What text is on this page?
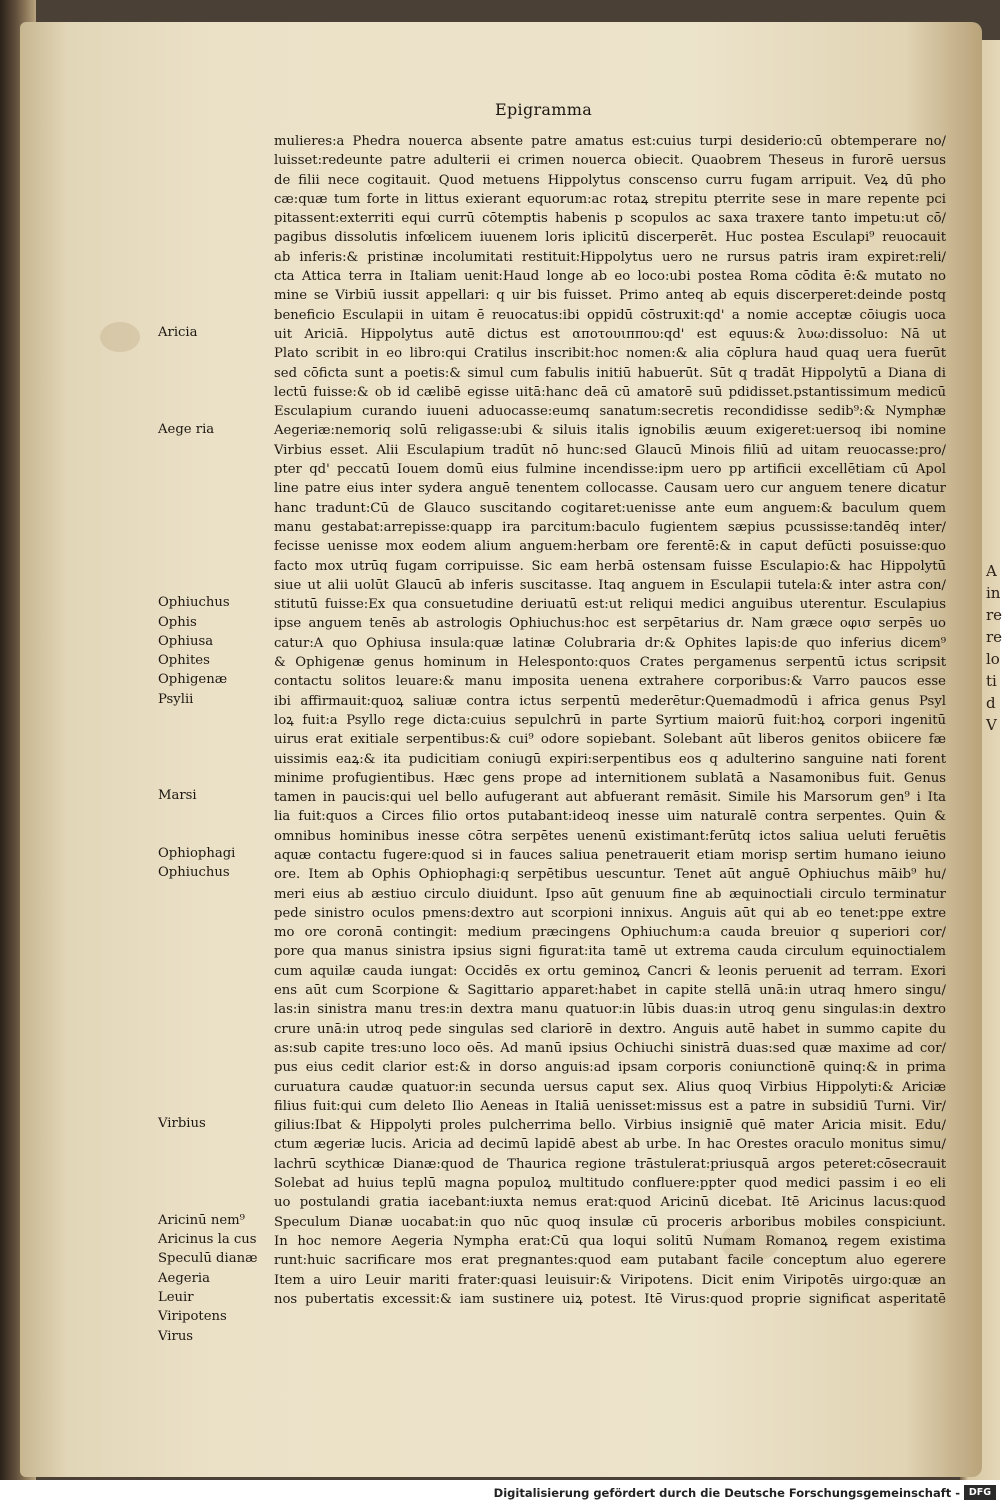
A
in
re
re
lo
ti
d
V
Epigramma
Aricia
Aege ria
Ophiuchus
Ophis
Ophiusa
Ophites
Ophigenæ
Psylii
Marsi
Ophiophagi
Ophiuchus
Virbius
Aricinū nem⁹
Aricinus la cus
Speculū dianæ
Aegeria
Leuir
Viripotens
Virus
mulieres:a Phedra nouerca absente patre amatus est:cuius turpi desiderio:cū obtemperare no/
luisset:redeunte patre adulterii ei crimen nouerca obiecit. Quaobrem Theseus in furorē uersus
de filii nece cogitauit. Quod metuens Hippolytus conscenso curru fugam arripuit. Veꝝ dū pho
cæ:quæ tum forte in littus exierant equorum:ac rotaꝝ strepitu pterrite sese in mare repente pci
pitassent:exterriti equi currū cōtemptis habenis p scopulos ac saxa traxere tanto impetu:ut cō/
pagibus dissolutis infœlicem iuuenem loris iplicitū discerperēt. Huc postea Esculapi⁹ reuocauit
ab inferis:& pristinæ incolumitati restituit:Hippolytus uero ne rursus patris iram expiret:reli/
cta Attica terra in Italiam uenit:Haud longe ab eo loco:ubi postea Roma cōdita ē:& mutato no
mine se Virbiū iussit appellari: q uir bis fuisset. Primo anteq ab equis discerperet:deinde postq
beneficio Esculapii in uitam ē reuocatus:ibi oppidū cōstruxit:qd' a nomie acceptæ cōiugis uoca
uit Ariciā. Hippolytus autē dictus est αποτουιππου:qd' est equus:& λυω:dissoluo: Nā ut
Plato scribit in eo libro:qui Cratilus inscribit:hoc nomen:& alia cōplura haud quaq uera fuerūt
sed cōficta sunt a poetis:& simul cum fabulis initiū habuerūt. Sūt q tradāt Hippolytū a Diana di
lectū fuisse:& ob id cælibē egisse uitā:hanc deā cū amatorē suū pdidisset.pstantissimum medicū
Esculapium curando iuueni aduocasse:eumq sanatum:secretis recondidisse sedib⁹:& Nymphæ
Aegeriæ:nemoriq solū religasse:ubi & siluis italis ignobilis æuum exigeret:uersoq ibi nomine
Virbius esset. Alii Esculapium tradūt nō hunc:sed Glaucū Minois filiū ad uitam reuocasse:pro/
pter qd' peccatū Iouem domū eius fulmine incendisse:ipm uero pp artificii excellētiam cū Apol
line patre eius inter sydera anguē tenentem collocasse. Causam uero cur anguem tenere dicatur
hanc tradunt:Cū de Glauco suscitando cogitaret:uenisse ante eum anguem:& baculum quem
manu gestabat:arrepisse:quapp ira parcitum:baculo fugientem sæpius pcussisse:tandēq inter/
fecisse uenisse mox eodem alium anguem:herbam ore ferentē:& in caput defūcti posuisse:quo
facto mox utrūq fugam corripuisse. Sic eam herbā ostensam fuisse Esculapio:& hac Hippolytū
siue ut alii uolūt Glaucū ab inferis suscitasse. Itaq anguem in Esculapii tutela:& inter astra con/
stitutū fuisse:Ex qua consuetudine deriuatū est:ut reliqui medici anguibus uterentur. Esculapius
ipse anguem tenēs ab astrologis Ophiuchus:hoc est serpētarius dr. Nam græce οφισ serpēs uo
catur:A quo Ophiusa insula:quæ latinæ Colubraria dr:& Ophites lapis:de quo inferius dicem⁹
& Ophigenæ genus hominum in Helesponto:quos Crates pergamenus serpentū ictus scripsit
contactu solitos leuare:& manu imposita uenena extrahere corporibus:& Varro paucos esse
ibi affirmauit:quoꝝ saliuæ contra ictus serpentū mederētur:Quemadmodū i africa genus Psyl
loꝝ fuit:a Psyllo rege dicta:cuius sepulchrū in parte Syrtium maiorū fuit:hoꝝ corpori ingenitū
uirus erat exitiale serpentibus:& cui⁹ odore sopiebant. Solebant aūt liberos genitos obiicere fæ
uissimis eaꝝ:& ita pudicitiam coniugū expiri:serpentibus eos q adulterino sanguine nati forent
minime profugientibus. Hæc gens prope ad internitionem sublatā a Nasamonibus fuit. Genus
tamen in paucis:qui uel bello aufugerant aut abfuerant remāsit. Simile his Marsorum gen⁹ i Ita
lia fuit:quos a Circes filio ortos putabant:ideoq inesse uim naturalē contra serpentes. Quin &
omnibus hominibus inesse cōtra serpētes uenenū existimant:ferūtq ictos saliua ueluti feruētis
aquæ contactu fugere:quod si in fauces saliua penetrauerit etiam morisp sertim humano ieiuno
ore. Item ab Ophis Ophiophagi:q serpētibus uescuntur. Tenet aūt anguē Ophiuchus māib⁹ hu/
meri eius ab æstiuo circulo diuidunt. Ipso aūt genuum fine ab æquinoctiali circulo terminatur
pede sinistro oculos pmens:dextro aut scorpioni innixus. Anguis aūt qui ab eo tenet:ppe extre
mo ore coronā contingit: medium præcingens Ophiuchum:a cauda breuior q superiori cor/
pore qua manus sinistra ipsius signi figurat:ita tamē ut extrema cauda circulum equinoctialem
cum aquilæ cauda iungat: Occidēs ex ortu geminoꝝ Cancri & leonis peruenit ad terram. Exori
ens aūt cum Scorpione & Sagittario apparet:habet in capite stellā unā:in utraq hmero singu/
las:in sinistra manu tres:in dextra manu quatuor:in lūbis duas:in utroq genu singulas:in dextro
crure unā:in utroq pede singulas sed clariorē in dextro. Anguis autē habet in summo capite du
as:sub capite tres:uno loco oēs. Ad manū ipsius Ochiuchi sinistrā duas:sed quæ maxime ad cor/
pus eius cedit clarior est:& in dorso anguis:ad ipsam corporis coniunctionē quinq:& in prima
curuatura caudæ quatuor:in secunda uersus caput sex. Alius quoq Virbius Hippolyti:& Ariciæ
filius fuit:qui cum deleto Ilio Aeneas in Italiā uenisset:missus est a patre in subsidiū Turni. Vir/
gilius:Ibat & Hippolyti proles pulcherrima bello. Virbius insigniē quē mater Aricia misit. Edu/
ctum ægeriæ lucis. Aricia ad decimū lapidē abest ab urbe. In hac Orestes oraculo monitus simu/
lachrū scythicæ Dianæ:quod de Thaurica regione trāstulerat:priusquā argos peteret:cōsecrauit
Solebat ad huius teplū magna populoꝝ multitudo confluere:ppter quod medici passim i eo eli
uo postulandi gratia iacebant:iuxta nemus erat:quod Aricinū dicebat. Itē Aricinus lacus:quod
Speculum Dianæ uocabat:in quo nūc quoq insulæ cū proceris arboribus mobiles conspiciunt.
In hoc nemore Aegeria Nympha erat:Cū qua loqui solitū Numam Romanoꝝ regem existima
runt:huic sacrificare mos erat pregnantes:quod eam putabant facile conceptum aluo egerere
Item a uiro Leuir mariti frater:quasi leuisuir:& Viripotens. Dicit enim Viripotēs uirgo:quæ an
nos pubertatis excessit:& iam sustinere uiꝝ potest. Itē Virus:quod proprie significat asperitatē
Digitalisierung gefördert durch die Deutsche Forschungsgemeinschaft - DFG
